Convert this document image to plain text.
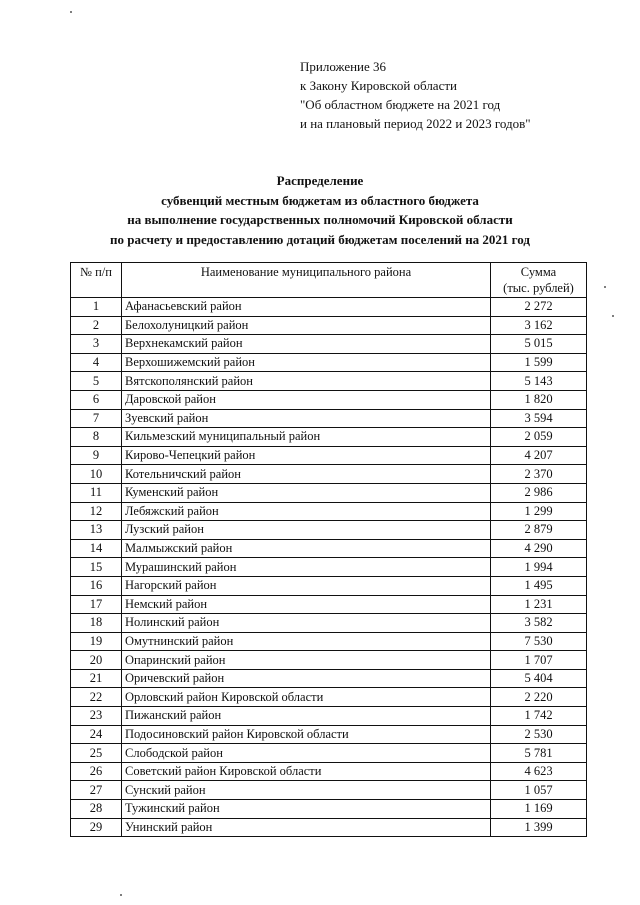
Приложение 36
к Закону Кировской области
"Об областном бюджете на 2021 год
и на плановый период 2022 и 2023 годов"
Распределение
субвенций местным бюджетам из областного бюджета
на выполнение государственных полномочий Кировской области
по расчету и предоставлению дотаций бюджетам поселений на 2021 год
№ п/п	Наименование муниципального района	Сумма
(тыс. рублей)

1	Афанасьевский район	2 272
2	Белохолуницкий район	3 162
3	Верхнекамский район	5 015
4	Верхошижемский район	1 599
5	Вятскополянский район	5 143
6	Даровской район	1 820
7	Зуевский район	3 594
8	Кильмезский муниципальный район	2 059
9	Кирово-Чепецкий район	4 207
10	Котельничский район	2 370
11	Куменский район	2 986
12	Лебяжский район	1 299
13	Лузский район	2 879
14	Малмыжский район	4 290
15	Мурашинский район	1 994
16	Нагорский район	1 495
17	Немский район	1 231
18	Нолинский район	3 582
19	Омутнинский район	7 530
20	Опаринский район	1 707
21	Оричевский район	5 404
22	Орловский район Кировской области	2 220
23	Пижанский район	1 742
24	Подосиновский район Кировской области	2 530
25	Слободской район	5 781
26	Советский район Кировской области	4 623
27	Сунский район	1 057
28	Тужинский район	1 169
29	Унинский район	1 399
